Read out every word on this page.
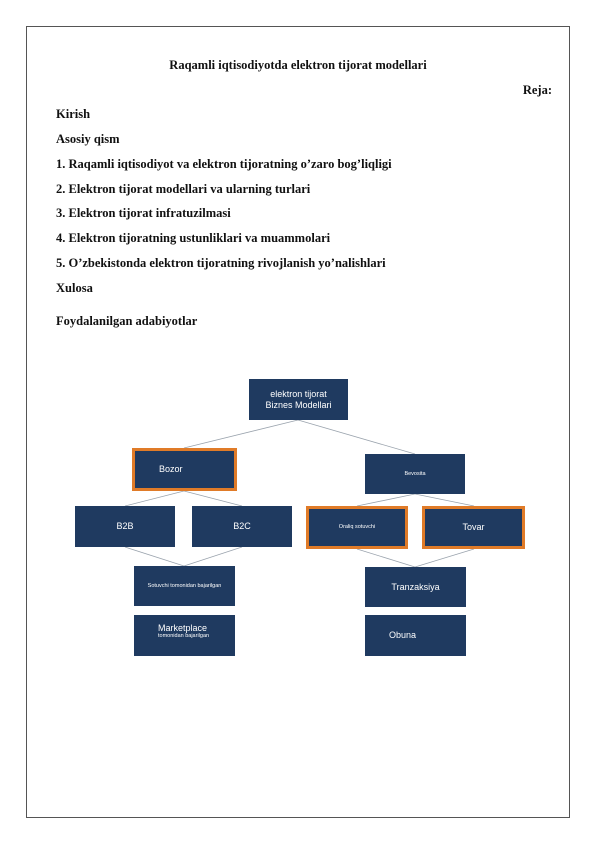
Raqamli iqtisodiyotda elektron tijorat modellari
Reja:
Kirish
Asosiy qism
1. Raqamli iqtisodiyot va elektron tijoratning o’zaro bog’liqligi
2. Elektron tijorat modellari va ularning turlari
3. Elektron tijorat infratuzilmasi
4. Elektron tijoratning ustunliklari va muammolari
5. O’zbekistonda elektron tijoratning rivojlanish yo’nalishlari
Xulosa
Foydalanilgan adabiyotlar
elektron tijorat
Biznes Modellari
Bozor	Bevosita
B2B	B2C	Oraliq sotuvchi	Tovar
Sotuvchi tomonidan bajarilgan	Tranzaksiya
Marketplace
tomonidan bajarilgan	Obuna
